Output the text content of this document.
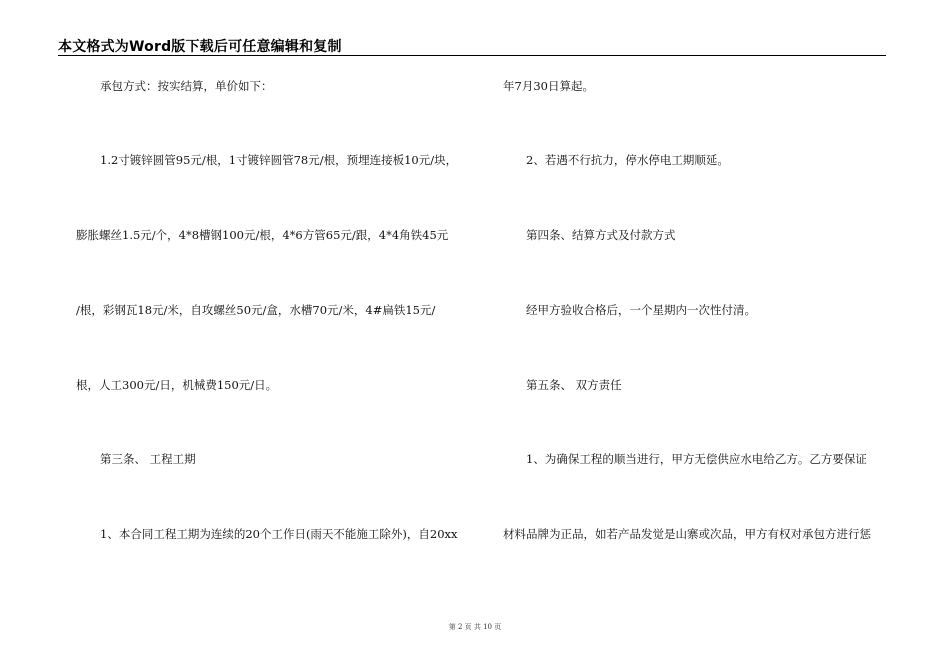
本文格式为Word版下载后可任意编辑和复制
承包方式：按实结算，单价如下：
1.2寸镀锌圆管95元/根，1寸镀锌圆管78元/根，预埋连接板10元/块，
膨胀螺丝1.5元/个，4*8槽钢100元/根，4*6方管65元/跟，4*4角铁45元
/根，彩钢瓦18元/米，自攻螺丝50元/盒，水槽70元/米，4#扁铁15元/
根，人工300元/日，机械费150元/日。
第三条、 工程工期
1、本合同工程工期为连续的20个工作日(雨天不能施工除外)，自20xx
年7月30日算起。
2、若遇不行抗力，停水停电工期顺延。
第四条、结算方式及付款方式
经甲方验收合格后，一个星期内一次性付清。
第五条、 双方责任
1、为确保工程的顺当进行，甲方无偿供应水电给乙方。乙方要保证
材料品牌为正品，如若产品发觉是山寨或次品，甲方有权对承包方进行惩
第 2 页 共 10 页
